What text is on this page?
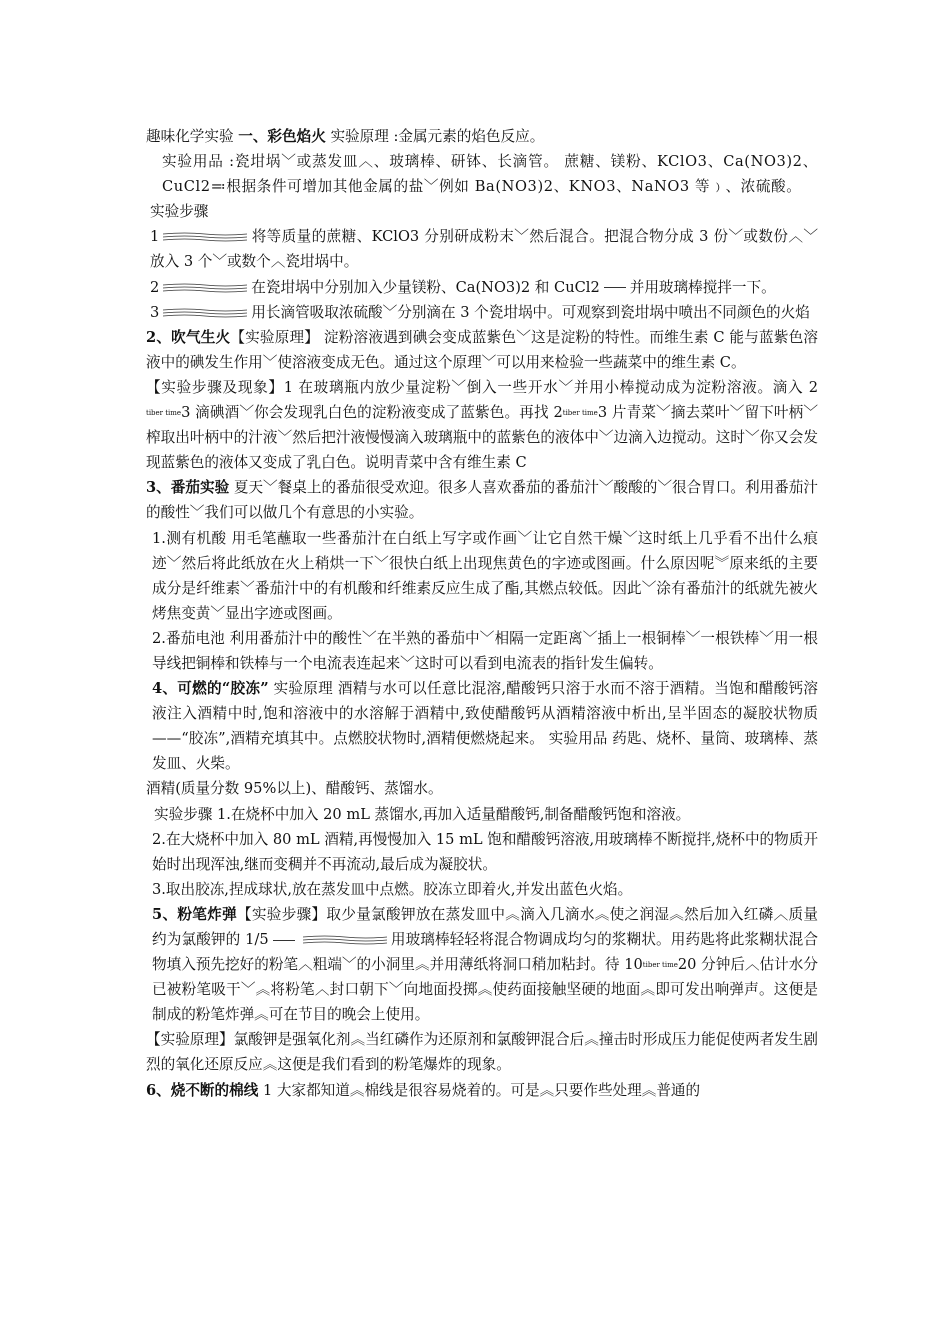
趣味化学实验 一、彩色焰火 实验原理 :金属元素的焰色反应。

实验用品 :瓷坩埚﹀或蒸发皿︿、玻璃棒、研钵、长滴管。 蔗糖、镁粉、KClO3、Ca(NO3)2、CuCl2≕根据条件可增加其他金属的盐﹀例如 Ba(NO3)2、KNO3、NaNO3 等﹚、浓硫酸。

实验步骤

1	将等质量的蔗糖、KClO3 分别研成粉末﹀然后混合。把混合物分成 3 份﹀或数份︿﹀放入 3 个﹀或数个︿瓷坩埚中。

2	在瓷坩埚中分别加入少量镁粉、Ca(NO3)2 和 CuCl2 并用玻璃棒搅拌一下。

3	用长滴管吸取浓硫酸﹀分别滴在 3 个瓷坩埚中。可观察到瓷坩埚中喷出不同颜色的火焰

2、吹气生火【实验原理】 淀粉溶液遇到碘会变成蓝紫色﹀这是淀粉的特性。而维生素 C 能与蓝紫色溶液中的碘发生作用﹀使溶液变成无色。通过这个原理﹀可以用来检验一些蔬菜中的维生素 C。

【实验步骤及现象】1 在玻璃瓶内放少量淀粉﹀倒入一些开水﹀并用小棒搅动成为淀粉溶液。滴入 2tiber time3 滴碘酒﹀你会发现乳白色的淀粉液变成了蓝紫色。再找 2tiber time3 片青菜﹀摘去菜叶﹀留下叶柄﹀榨取出叶柄中的汁液﹀然后把汁液慢慢滴入玻璃瓶中的蓝紫色的液体中﹀边滴入边搅动。这时﹀你又会发现蓝紫色的液体又变成了乳白色。说明青菜中含有维生素 C

3、番茄实验 夏天﹀餐桌上的番茄很受欢迎。很多人喜欢番茄的番茄汁﹀酸酸的﹀很合胃口。利用番茄汁的酸性﹀我们可以做几个有意思的小实验。

1.测有机酸 用毛笔蘸取一些番茄汁在白纸上写字或作画﹀让它自然干燥﹀这时纸上几乎看不出什么痕迹﹀然后将此纸放在火上稍烘一下﹀很快白纸上出现焦黄色的字迹或图画。什么原因呢︾原来纸的主要成分是纤维素﹀番茄汁中的有机酸和纤维素反应生成了酯,其燃点较低。因此﹀涂有番茄汁的纸就先被火烤焦变黄﹀显出字迹或图画。

2.番茄电池 利用番茄汁中的酸性﹀在半熟的番茄中﹀相隔一定距离﹀插上一根铜棒﹀一根铁棒﹀用一根导线把铜棒和铁棒与一个电流表连起来﹀这时可以看到电流表的指针发生偏转。

4、可燃的“胶冻” 实验原理 酒精与水可以任意比混溶,醋酸钙只溶于水而不溶于酒精。当饱和醋酸钙溶液注入酒精中时,饱和溶液中的水溶解于酒精中,致使醋酸钙从酒精溶液中析出,呈半固态的凝胶状物质——“胶冻”,酒精充填其中。点燃胶状物时,酒精便燃烧起来。 实验用品 药匙、烧杯、量筒、玻璃棒、蒸发皿、火柴。

酒精(质量分数 95%以上)、醋酸钙、蒸馏水。

实验步骤 1.在烧杯中加入 20 mL 蒸馏水,再加入适量醋酸钙,制备醋酸钙饱和溶液。

2.在大烧杯中加入 80 mL 酒精,再慢慢加入 15 mL 饱和醋酸钙溶液,用玻璃棒不断搅拌,烧杯中的物质开始时出现浑浊,继而变稠并不再流动,最后成为凝胶状。

3.取出胶冻,捏成球状,放在蒸发皿中点燃。胶冻立即着火,并发出蓝色火焰。

5、粉笔炸弹【实验步骤】取少量氯酸钾放在蒸发皿中︽滴入几滴水︽使之润湿︽然后加入红磷︿质量约为氯酸钾的 1/5	用玻璃棒轻轻将混合物调成均匀的浆糊状。用药匙将此浆糊状混合物填入预先挖好的粉笔︿粗端﹀的小洞里︽并用薄纸将洞口稍加粘封。待 10tiber time20 分钟后︿估计水分已被粉笔吸干﹀︽将粉笔︿封口朝下﹀向地面投掷︽使药面接触坚硬的地面︽即可发出响弹声。这便是制成的粉笔炸弹︽可在节目的晚会上使用。

【实验原理】氯酸钾是强氧化剂︽当红磷作为还原剂和氯酸钾混合后︽撞击时形成压力能促使两者发生剧烈的氧化还原反应︽这便是我们看到的粉笔爆炸的现象。

6、烧不断的棉线 1 大家都知道︽棉线是很容易烧着的。可是︽只要作些处理︽普通的
